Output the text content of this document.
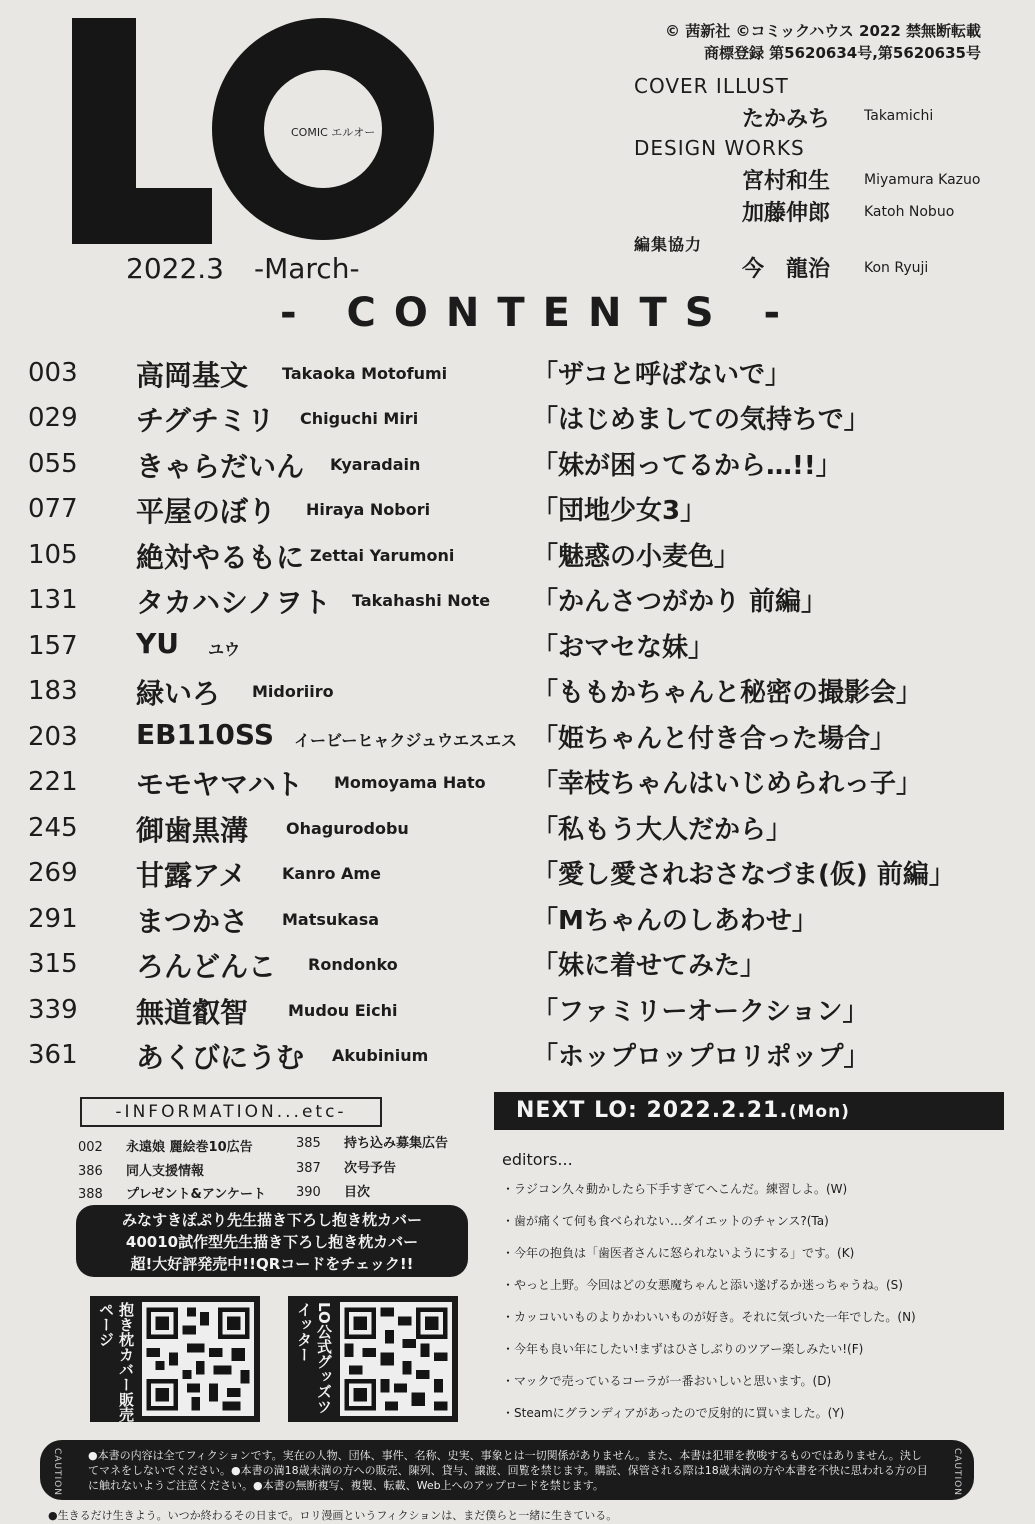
COMIC エルオー
2022.3 -March-
© 茜新社 ©コミックハウス 2022 禁無断転載
商標登録 第5620634号,第5620635号
COVER ILLUST
たかみち Takamichi
DESIGN WORKS
宮村和生 Miyamura Kazuo
加藤伸郎 Katoh Nobuo
編集協力
今　龍治 Kon Ryuji
- CONTENTS -
003 高岡基文 Takaoka Motofumi	「ザコと呼ばないで」
029 チグチミリ Chiguchi Miri	「はじめましての気持ちで」
055 きゃらだいん Kyaradain	「妹が困ってるから…!!」
077 平屋のぼり Hiraya Nobori	「団地少女3」
105 絶対やるもに Zettai Yarumoni	「魅惑の小麦色」
131 タカハシノヲト Takahashi Note 「かんさつがかり 前編」
157 YU ユウ	「おマセな妹」
183 緑いろ Midoriiro	「ももかちゃんと秘密の撮影会」
203 EB110SS イービーヒャクジュウエスエス 「姫ちゃんと付き合った場合」
221 モモヤマハト Momoyama Hato 「幸枝ちゃんはいじめられっ子」
245 御歯黒溝 Ohagurodobu	「私もう大人だから」
269 甘露アメ Kanro Ame	「愛し愛されおさなづま(仮) 前編」
291 まつかさ Matsukasa	「Mちゃんのしあわせ」
315 ろんどんこ Rondonko	「妹に着せてみた」
339 無道叡智 Mudou Eichi	「ファミリーオークション」
361 あくびにうむ Akubinium	「ホップロップロリポップ」
-INFORMATION...etc-
002 永遠娘 麗絵巻10広告	385 持ち込み募集広告
386 同人支援情報	387 次号予告
388 プレゼント&アンケート 390 目次
みなすきぽぷり先生描き下ろし抱き枕カバー
40010試作型先生描き下ろし抱き枕カバー
超!大好評発売中!!QRコードをチェック!!
抱き枕カバー販売ページ	LO公式グッズツイッター
NEXT LO: 2022.2.21.(Mon)
editors...
・ラジコン久々動かしたら下手すぎてへこんだ。練習しよ。(W)
・歯が痛くて何も食べられない…ダイエットのチャンス?(Ta)
・今年の抱負は「歯医者さんに怒られないようにする」です。(K)
・やっと上野。今回はどの女悪魔ちゃんと添い遂げるか迷っちゃうね。(S)
・カッコいいものよりかわいいものが好き。それに気づいた一年でした。(N)
・今年も良い年にしたい!まずはひさしぶりのツアー楽しみたい!(F)
・マックで売っているコーラが一番おいしいと思います。(D)
・Steamにグランディアがあったので反射的に買いました。(Y)
CAUTION ●本書の内容は全てフィクションです。実在の人物、団体、事件、名称、史実、事象とは一切関係がありません。また、本書は犯罪を教唆するものではありません。決してマネをしないでください。●本書の満18歳未満の方への販売、陳列、貸与、譲渡、回覧を禁じます。購読、保管される際は18歳未満の方や本書を不快に思われる方の目に触れないようご注意ください。●本書の無断複写、複製、転載、Web上へのアップロードを禁じます。	CAUTION
●生きるだけ生きよう。いつか終わるその日まで。ロリ漫画というフィクションは、まだ僕らと一緒に生きている。
